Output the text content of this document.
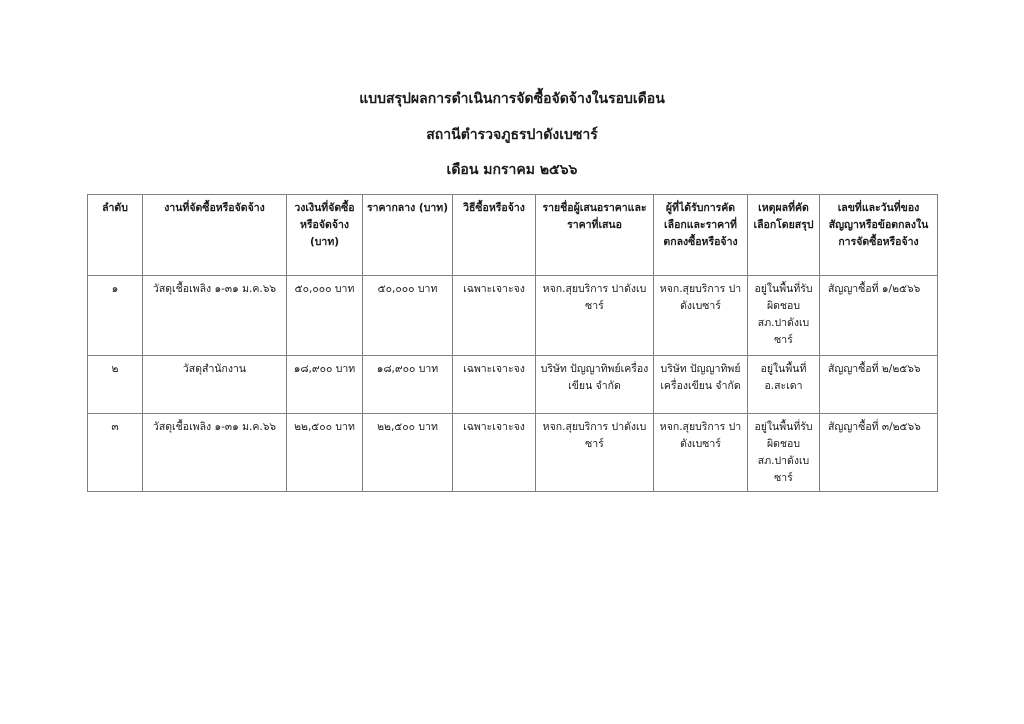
แบบสรุปผลการดำเนินการจัดซื้อจัดจ้างในรอบเดือน
สถานีตำรวจภูธรปาดังเบซาร์
เดือน มกราคม ๒๕๖๖
ลำดับ	งานที่จัดซื้อหรือจัดจ้าง	วงเงินที่จัดซื้อหรือจัดจ้าง (บาท)	ราคากลาง (บาท)	วิธีซื้อหรือจ้าง	รายชื่อผู้เสนอราคาและราคาที่เสนอ	ผู้ที่ได้รับการคัดเลือกและราคาที่ตกลงซื้อหรือจ้าง	เหตุผลที่คัดเลือกโดยสรุป	เลขที่และวันที่ของสัญญาหรือข้อตกลงในการจัดซื้อหรือจ้าง
๑	วัสดุเชื้อเพลิง ๑-๓๑ ม.ค.๖๖	๕๐,๐๐๐ บาท	๕๐,๐๐๐ บาท	เฉพาะเจาะจง	หจก.สุยบริการ ปาดังเบซาร์	หจก.สุยบริการ ปาดังเบซาร์	อยู่ในพื้นที่รับผิดชอบ สภ.ปาดังเบซาร์	สัญญาซื้อที่ ๑/๒๕๖๖
๒	วัสดุสำนักงาน	๑๘,๙๐๐ บาท	๑๘,๙๐๐ บาท	เฉพาะเจาะจง	บริษัท ปัญญาทิพย์เครื่องเขียน จำกัด	บริษัท ปัญญาทิพย์เครื่องเขียน จำกัด	อยู่ในพื้นที่ อ.สะเดา	สัญญาซื้อที่ ๒/๒๕๖๖
๓	วัสดุเชื้อเพลิง ๑-๓๑ ม.ค.๖๖	๒๒,๕๐๐ บาท	๒๒,๕๐๐ บาท	เฉพาะเจาะจง	หจก.สุยบริการ ปาดังเบซาร์	หจก.สุยบริการ ปาดังเบซาร์	อยู่ในพื้นที่รับผิดชอบ สภ.ปาดังเบซาร์	สัญญาซื้อที่ ๓/๒๕๖๖
